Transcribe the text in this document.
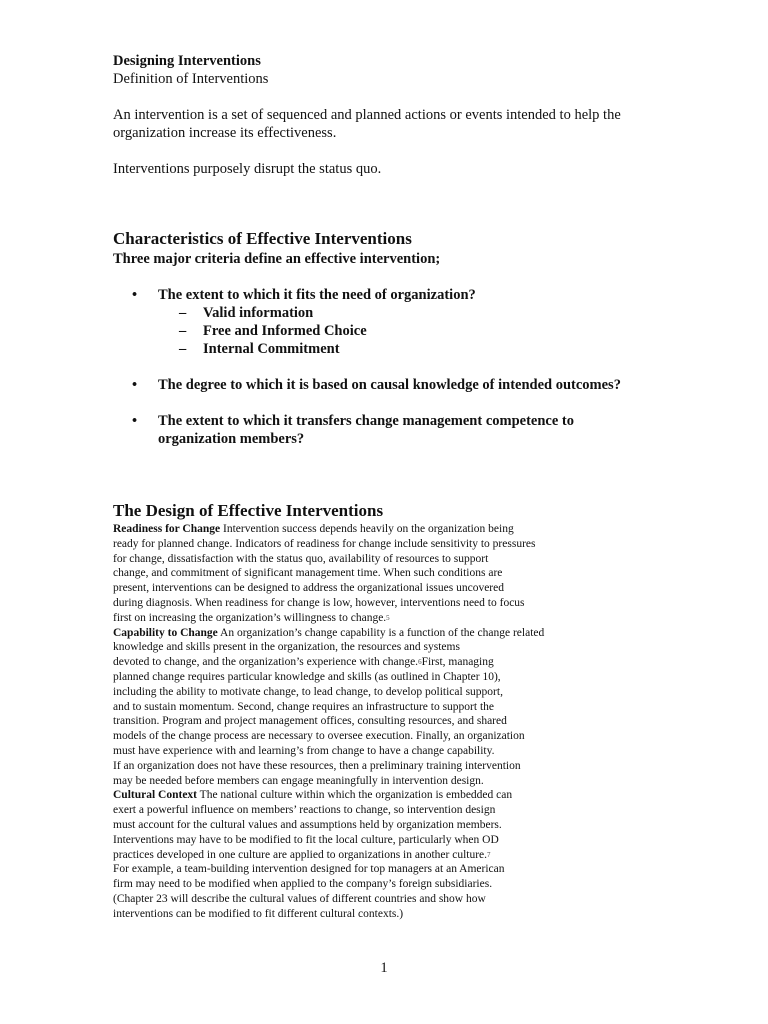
Designing Interventions

Definition of Interventions

An intervention is a set of sequenced and planned actions or events intended to help the

organization increase its effectiveness.

Interventions purposely disrupt the status quo.

Characteristics of Effective Interventions

Three major criteria define an effective intervention;

• The extent to which it fits the need of organization?
– Valid information
– Free and Informed Choice
– Internal Commitment
• The degree to which it is based on causal knowledge of intended outcomes?
• The extent to which it transfers change management competence to
organization members?

The Design of Effective Interventions

Readiness for Change Intervention success depends heavily on the organization being

ready for planned change. Indicators of readiness for change include sensitivity to pressures

for change, dissatisfaction with the status quo, availability of resources to support

change, and commitment of significant management time. When such conditions are

present, interventions can be designed to address the organizational issues uncovered

during diagnosis. When readiness for change is low, however, interventions need to focus

first on increasing the organization’s willingness to change.5

Capability to Change An organization’s change capability is a function of the change related

knowledge and skills present in the organization, the resources and systems

devoted to change, and the organization’s experience with change.6First, managing

planned change requires particular knowledge and skills (as outlined in Chapter 10),

including the ability to motivate change, to lead change, to develop political support,

and to sustain momentum. Second, change requires an infrastructure to support the

transition. Program and project management offices, consulting resources, and shared

models of the change process are necessary to oversee execution. Finally, an organization

must have experience with and learning’s from change to have a change capability.

If an organization does not have these resources, then a preliminary training intervention

may be needed before members can engage meaningfully in intervention design.

Cultural Context The national culture within which the organization is embedded can

exert a powerful influence on members’ reactions to change, so intervention design

must account for the cultural values and assumptions held by organization members.

Interventions may have to be modified to fit the local culture, particularly when OD

practices developed in one culture are applied to organizations in another culture.7

For example, a team-building intervention designed for top managers at an American

firm may need to be modified when applied to the company’s foreign subsidiaries.

(Chapter 23 will describe the cultural values of different countries and show how

interventions can be modified to fit different cultural contexts.)

1
